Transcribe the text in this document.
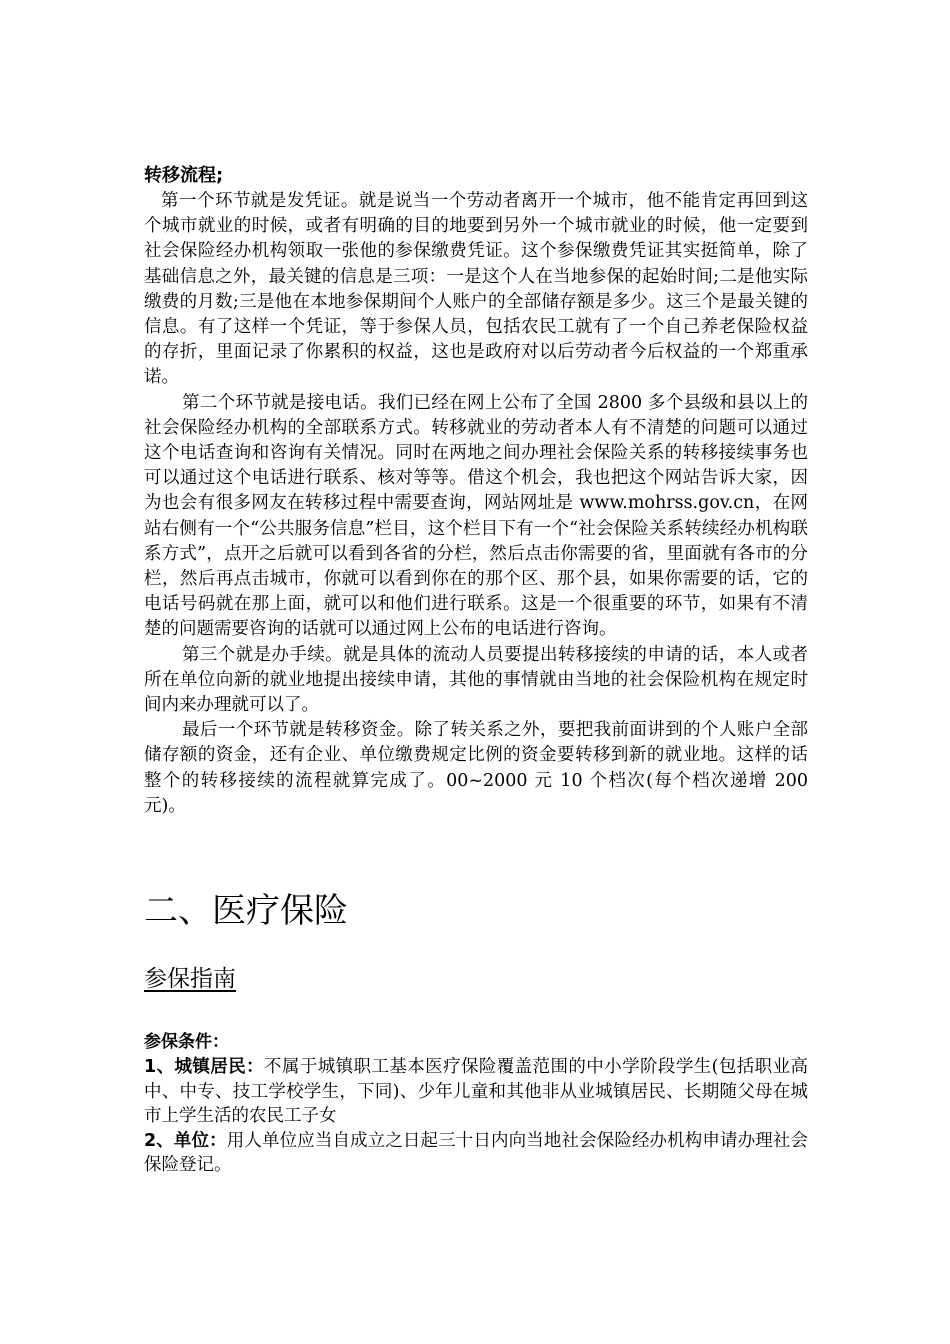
转移流程;

第一个环节就是发凭证。就是说当一个劳动者离开一个城市，他不能肯定再回到这个城市就业的时候，或者有明确的目的地要到另外一个城市就业的时候，他一定要到社会保险经办机构领取一张他的参保缴费凭证。这个参保缴费凭证其实挺简单，除了基础信息之外，最关键的信息是三项：一是这个人在当地参保的起始时间;二是他实际缴费的月数;三是他在本地参保期间个人账户的全部储存额是多少。这三个是最关键的信息。有了这样一个凭证，等于参保人员，包括农民工就有了一个自己养老保险权益的存折，里面记录了你累积的权益，这也是政府对以后劳动者今后权益的一个郑重承诺。

第二个环节就是接电话。我们已经在网上公布了全国 2800 多个县级和县以上的社会保险经办机构的全部联系方式。转移就业的劳动者本人有不清楚的问题可以通过这个电话查询和咨询有关情况。同时在两地之间办理社会保险关系的转移接续事务也可以通过这个电话进行联系、核对等等。借这个机会，我也把这个网站告诉大家，因为也会有很多网友在转移过程中需要查询，网站网址是 www.mohrss.gov.cn，在网站右侧有一个“公共服务信息”栏目，这个栏目下有一个“社会保险关系转续经办机构联系方式”，点开之后就可以看到各省的分栏，然后点击你需要的省，里面就有各市的分栏，然后再点击城市，你就可以看到你在的那个区、那个县，如果你需要的话，它的电话号码就在那上面，就可以和他们进行联系。这是一个很重要的环节，如果有不清楚的问题需要咨询的话就可以通过网上公布的电话进行咨询。

第三个就是办手续。就是具体的流动人员要提出转移接续的申请的话，本人或者所在单位向新的就业地提出接续申请，其他的事情就由当地的社会保险机构在规定时间内来办理就可以了。

最后一个环节就是转移资金。除了转关系之外，要把我前面讲到的个人账户全部储存额的资金，还有企业、单位缴费规定比例的资金要转移到新的就业地。这样的话整个的转移接续的流程就算完成了。00~2000 元 10 个档次(每个档次递增 200 元)。

二、医疗保险
参保指南

参保条件：

1、城镇居民：不属于城镇职工基本医疗保险覆盖范围的中小学阶段学生(包括职业高中、中专、技工学校学生，下同)、少年儿童和其他非从业城镇居民、长期随父母在城市上学生活的农民工子女

2、单位：用人单位应当自成立之日起三十日内向当地社会保险经办机构申请办理社会保险登记。
